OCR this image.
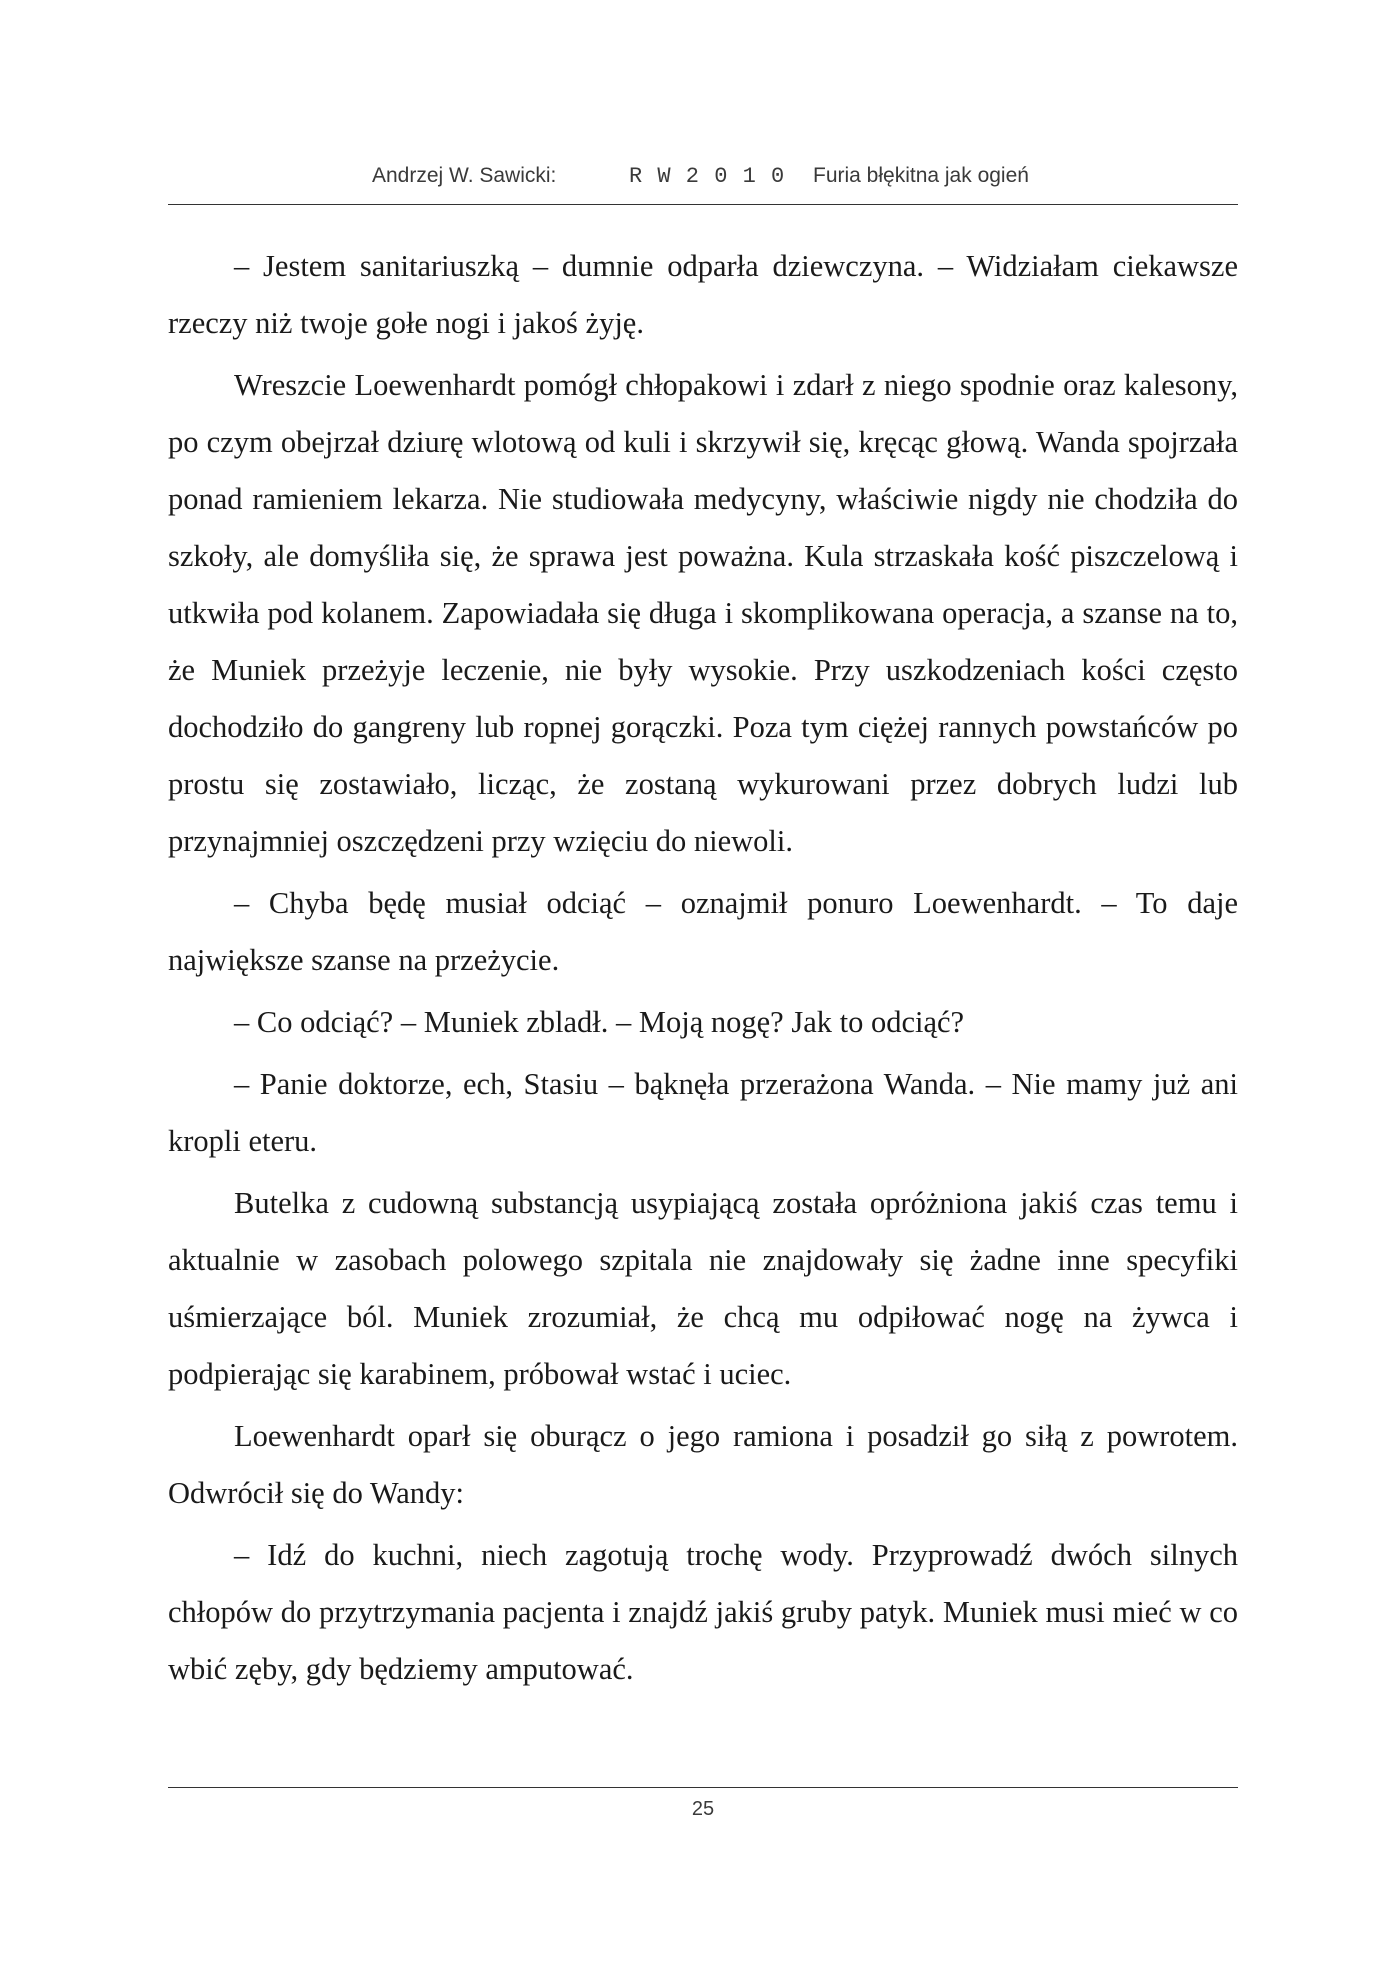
Andrzej W. Sawicki:	R W 2 0 1 0 Furia błękitna jak ogień

– Jestem sanitariuszką – dumnie odparła dziewczyna. – Widziałam ciekawsze rzeczy niż twoje gołe nogi i jakoś żyję.

Wreszcie Loewenhardt pomógł chłopakowi i zdarł z niego spodnie oraz kalesony, po czym obejrzał dziurę wlotową od kuli i skrzywił się, kręcąc głową. Wanda spojrzała ponad ramieniem lekarza. Nie studiowała medycyny, właściwie nigdy nie chodziła do szkoły, ale domyśliła się, że sprawa jest poważna. Kula strzaskała kość piszczelową i utkwiła pod kolanem. Zapowiadała się długa i skomplikowana operacja, a szanse na to, że Muniek przeżyje leczenie, nie były wysokie. Przy uszkodzeniach kości często dochodziło do gangreny lub ropnej gorączki. Poza tym ciężej rannych powstańców po prostu się zostawiało, licząc, że zostaną wykurowani przez dobrych ludzi lub przynajmniej oszczędzeni przy wzięciu do niewoli.

– Chyba będę musiał odciąć – oznajmił ponuro Loewenhardt. – To daje największe szanse na przeżycie.

– Co odciąć? – Muniek zbladł. – Moją nogę? Jak to odciąć?

– Panie doktorze, ech, Stasiu – bąknęła przerażona Wanda. – Nie mamy już ani kropli eteru.

Butelka z cudowną substancją usypiającą została opróżniona jakiś czas temu i aktualnie w zasobach polowego szpitala nie znajdowały się żadne inne specyfiki uśmierzające ból. Muniek zrozumiał, że chcą mu odpiłować nogę na żywca i podpierając się karabinem, próbował wstać i uciec.

Loewenhardt oparł się oburącz o jego ramiona i posadził go siłą z powrotem. Odwrócił się do Wandy:

– Idź do kuchni, niech zagotują trochę wody. Przyprowadź dwóch silnych chłopów do przytrzymania pacjenta i znajdź jakiś gruby patyk. Muniek musi mieć w co wbić zęby, gdy będziemy amputować.

25
